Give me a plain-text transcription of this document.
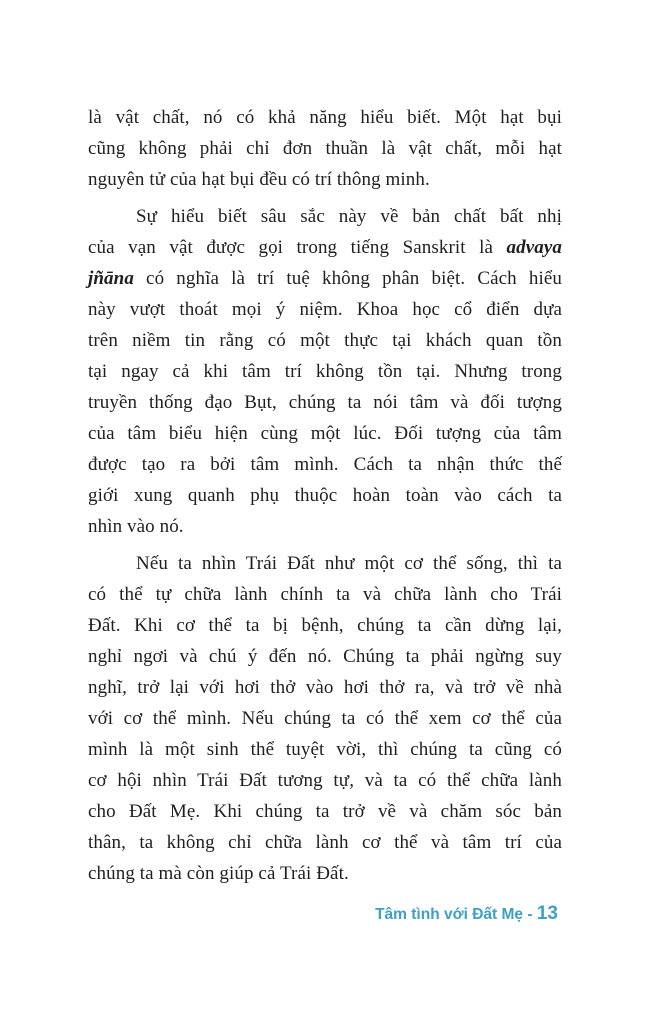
là vật chất, nó có khả năng hiểu biết. Một hạt bụi
cũng không phải chỉ đơn thuần là vật chất, mỗi hạt
nguyên tử của hạt bụi đều có trí thông minh.
Sự hiểu biết sâu sắc này về bản chất bất nhị
của vạn vật được gọi trong tiếng Sanskrit là advaya
jñāna có nghĩa là trí tuệ không phân biệt. Cách hiểu
này vượt thoát mọi ý niệm. Khoa học cổ điển dựa
trên niềm tin rằng có một thực tại khách quan tồn
tại ngay cả khi tâm trí không tồn tại. Nhưng trong
truyền thống đạo Bụt, chúng ta nói tâm và đối tượng
của tâm biểu hiện cùng một lúc. Đối tượng của tâm
được tạo ra bởi tâm mình. Cách ta nhận thức thế
giới xung quanh phụ thuộc hoàn toàn vào cách ta
nhìn vào nó.
Nếu ta nhìn Trái Đất như một cơ thể sống, thì ta
có thể tự chữa lành chính ta và chữa lành cho Trái
Đất. Khi cơ thể ta bị bệnh, chúng ta cần dừng lại,
nghỉ ngơi và chú ý đến nó. Chúng ta phải ngừng suy
nghĩ, trở lại với hơi thở vào hơi thở ra, và trở về nhà
với cơ thể mình. Nếu chúng ta có thể xem cơ thể của
mình là một sinh thể tuyệt vời, thì chúng ta cũng có
cơ hội nhìn Trái Đất tương tự, và ta có thể chữa lành
cho Đất Mẹ. Khi chúng ta trở về và chăm sóc bản
thân, ta không chỉ chữa lành cơ thể và tâm trí của
chúng ta mà còn giúp cả Trái Đất.
Tâm tình với Đất Mẹ - 13
